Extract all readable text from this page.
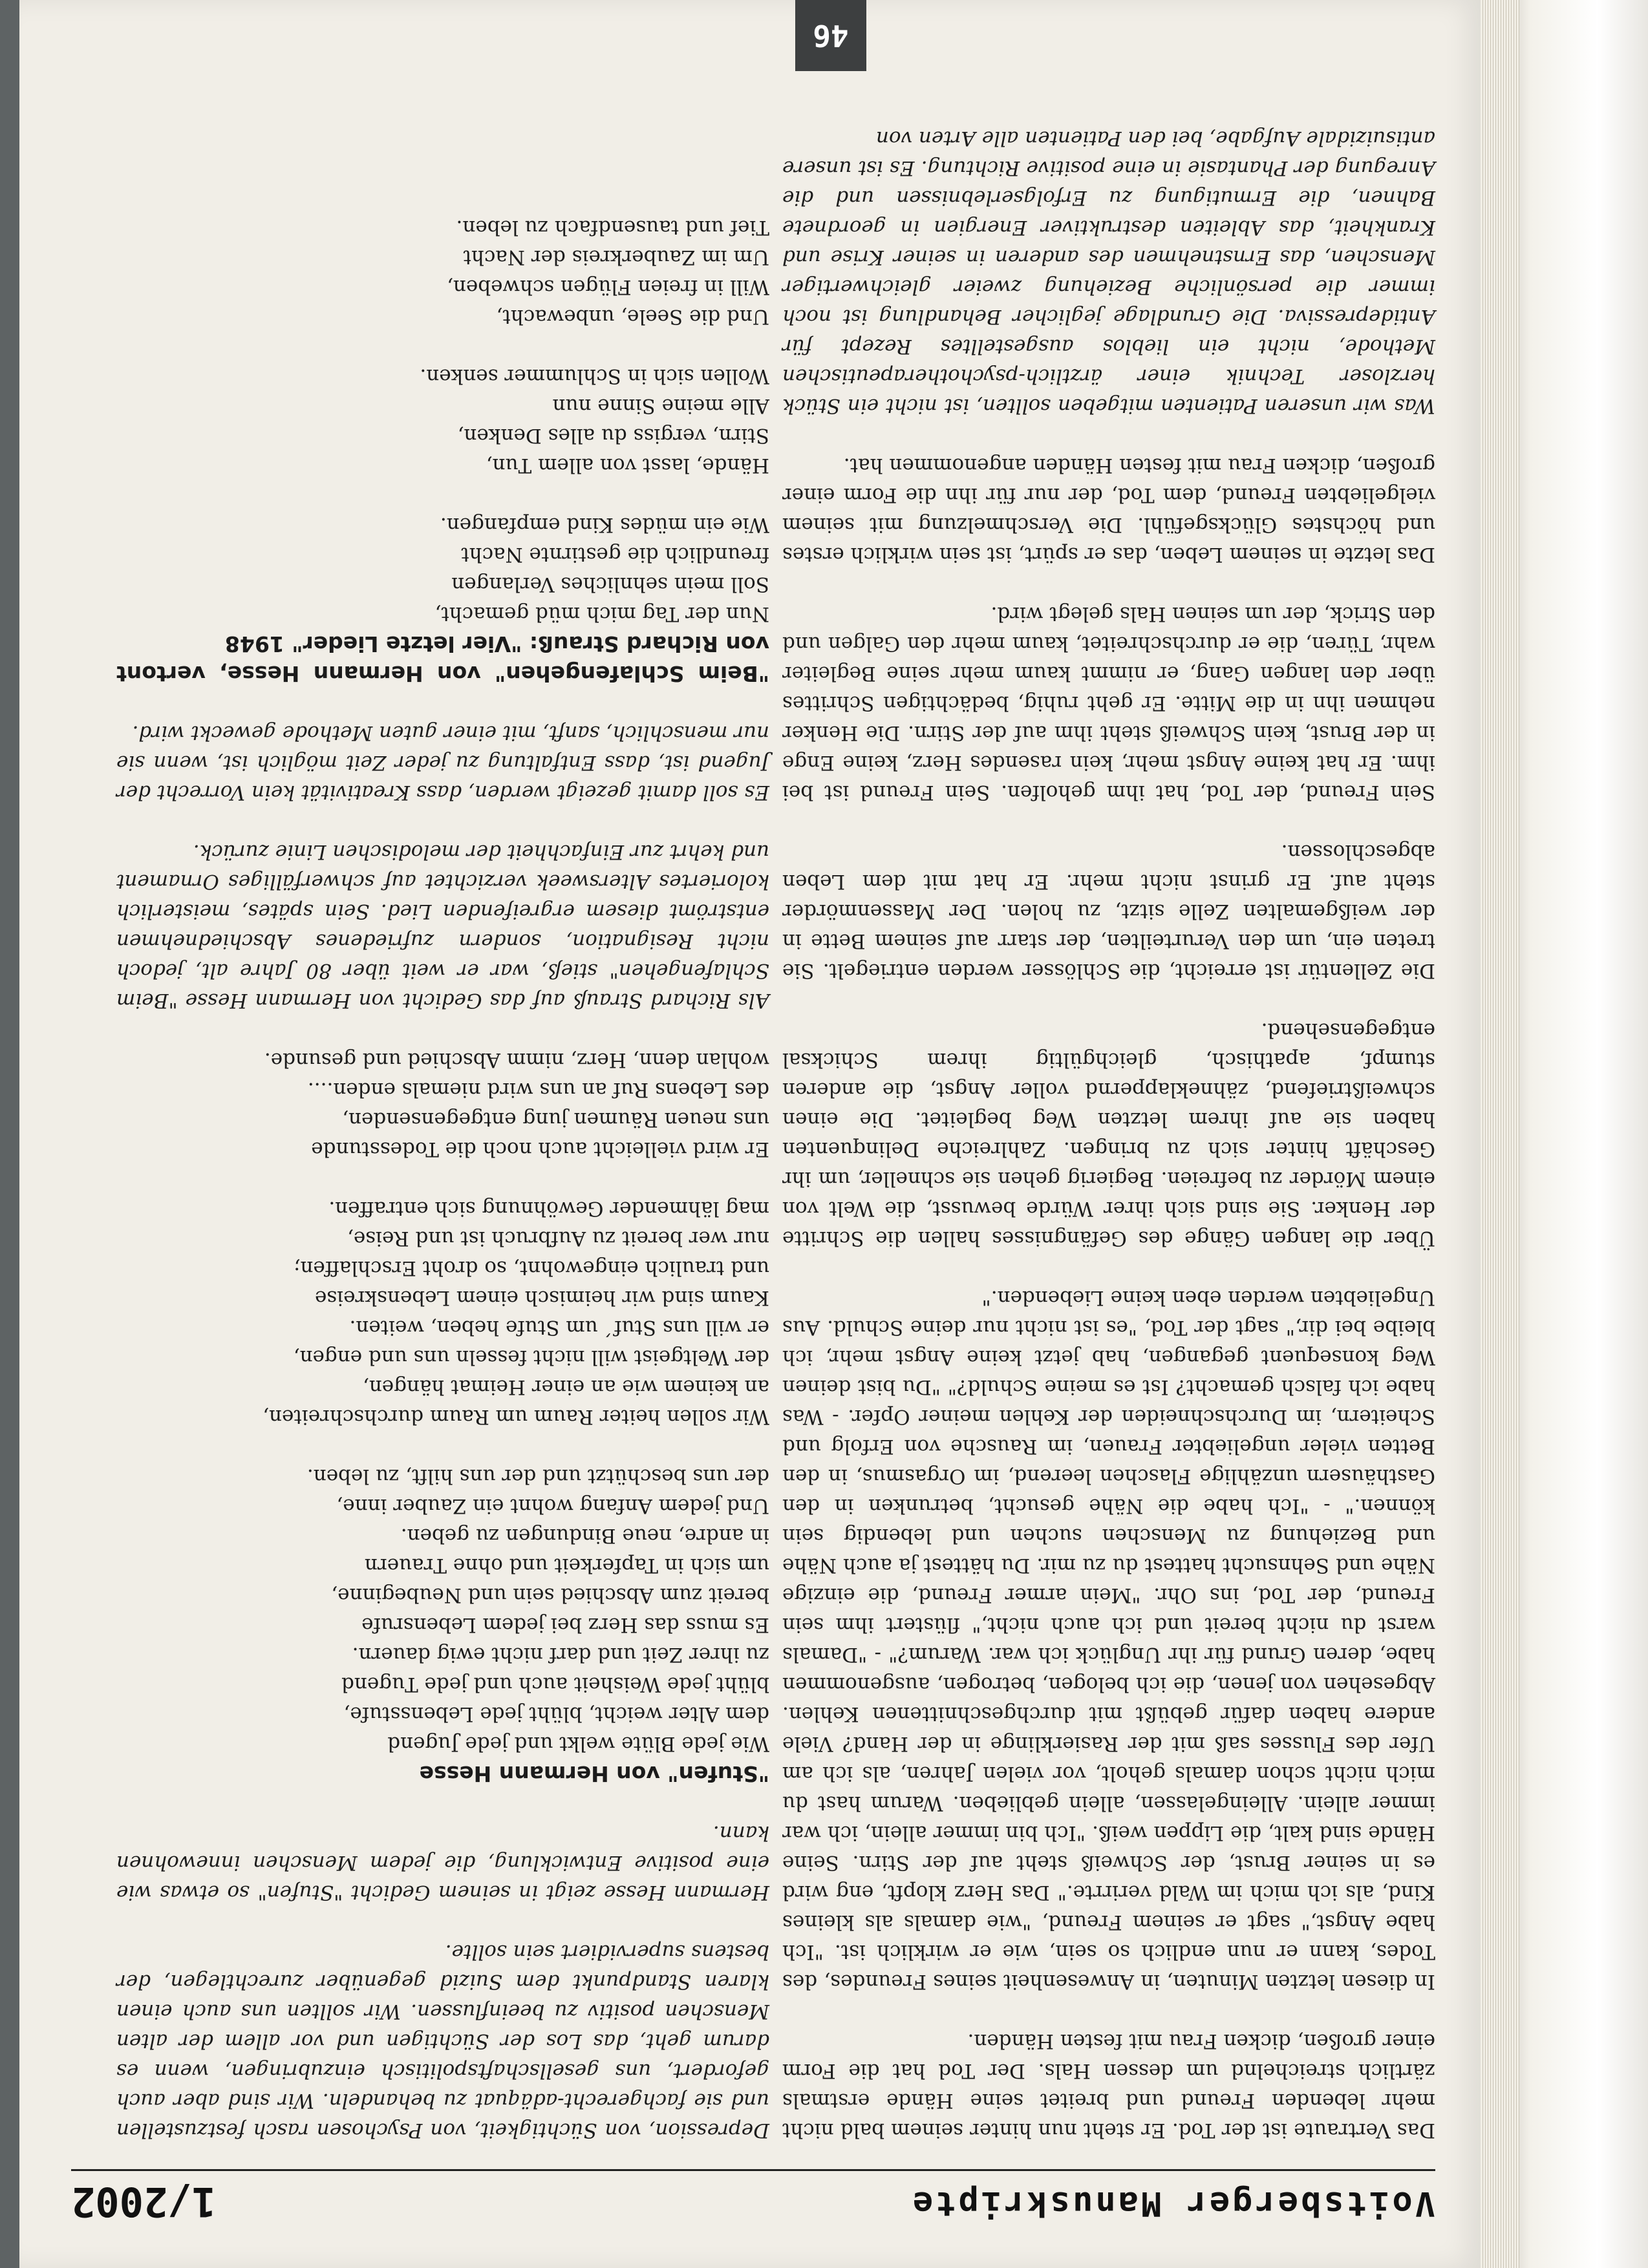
Voitsberger Manuskripte
1/2002

Das Vertraute ist der Tod. Er steht nun hinter seinem bald nicht mehr lebenden Freund und breitet seine Hände erstmals zärtlich streichelnd um dessen Hals. Der Tod hat die Form einer großen, dicken Frau mit festen Händen.

In diesen letzten Minuten, in Anwesenheit seines Freundes, des Todes, kann er nun endlich so sein, wie er wirklich ist. "Ich habe Angst," sagt er seinem Freund, "wie damals als kleines Kind, als ich mich im Wald verirrte." Das Herz klopft, eng wird es in seiner Brust, der Schweiß steht auf der Stirn. Seine Hände sind kalt, die Lippen weiß. "Ich bin immer allein, ich war immer allein. Alleingelassen, allein geblieben. Warum hast du mich nicht schon damals geholt, vor vielen Jahren, als ich am Ufer des Flusses saß mit der Rasierklinge in der Hand? Viele andere haben dafür gebüßt mit durchgeschnittenen Kehlen. Abgesehen von jenen, die ich belogen, betrogen, ausgenommen habe, deren Grund für ihr Unglück ich war. Warum?" - "Damals warst du nicht bereit und ich auch nicht," flüstert ihm sein Freund, der Tod, ins Ohr. "Mein armer Freund, die einzige Nähe und Sehnsucht hattest du zu mir. Du hättest ja auch Nähe und Beziehung zu Menschen suchen und lebendig sein können." - "Ich habe die Nähe gesucht, betrunken in den Gasthäusern unzählige Flaschen leerend, im Orgasmus, in den Betten vieler ungeliebter Frauen, im Rausche von Erfolg und Scheitern, im Durchschneiden der Kehlen meiner Opfer. - Was habe ich falsch gemacht? Ist es meine Schuld?" "Du bist deinen Weg konsequent gegangen, hab jetzt keine Angst mehr, ich bleibe bei dir," sagt der Tod, "es ist nicht nur deine Schuld. Aus Ungeliebten werden eben keine Liebenden."

Über die langen Gänge des Gefängnisses hallen die Schritte der Henker. Sie sind sich ihrer Würde bewusst, die Welt von einem Mörder zu befreien. Begierig gehen sie schneller, um ihr Geschäft hinter sich zu bringen. Zahlreiche Delinquenten haben sie auf ihrem letzten Weg begleitet. Die einen schweißtriefend, zähneklappernd voller Angst, die anderen stumpf, apathisch, gleichgültig ihrem Schicksal entgegensehend.

Die Zellentür ist erreicht, die Schlösser werden entriegelt. Sie treten ein, um den Verurteilten, der starr auf seinem Bette in der weißgemalten Zelle sitzt, zu holen. Der Massenmörder steht auf. Er grinst nicht mehr. Er hat mit dem Leben abgeschlossen.

Sein Freund, der Tod, hat ihm geholfen. Sein Freund ist bei ihm. Er hat keine Angst mehr, kein rasendes Herz, keine Enge in der Brust, kein Schweiß steht ihm auf der Stirn. Die Henker nehmen ihn in die Mitte. Er geht ruhig, bedächtigen Schrittes über den langen Gang, er nimmt kaum mehr seine Begleiter wahr, Türen, die er durchschreitet, kaum mehr den Galgen und den Strick, der um seinen Hals gelegt wird.

Das letzte in seinem Leben, das er spürt, ist sein wirklich erstes und höchstes Glücksgefühl. Die Verschmelzung mit seinem vielgeliebten Freund, dem Tod, der nur für ihn die Form einer großen, dicken Frau mit festen Händen angenommen hat.

Was wir unseren Patienten mitgeben sollten, ist nicht ein Stück herzloser Technik einer ärztlich-psychotherapeutischen Methode, nicht ein lieblos ausgestelltes Rezept für Antidepressiva. Die Grundlage jeglicher Behandlung ist noch immer die persönliche Beziehung zweier gleichwertiger Menschen, das Ernstnehmen des anderen in seiner Krise und Krankheit, das Ableiten destruktiver Energien in geordnete Bahnen, die Ermutigung zu Erfolgserlebnissen und die Anregung der Phantasie in eine positive Richtung. Es ist unsere antisuizidale Aufgabe, bei den Patienten alle Arten von

Depression, von Süchtigkeit, von Psychosen rasch festzustellen und sie fachgerecht-adäquat zu behandeln. Wir sind aber auch gefordert, uns gesellschaftspolitisch einzubringen, wenn es darum geht, das Los der Süchtigen und vor allem der alten Menschen positiv zu beeinflussen. Wir sollten uns auch einen klaren Standpunkt dem Suizid gegenüber zurechtlegen, der bestens supervidiert sein sollte.

Hermann Hesse zeigt in seinem Gedicht "Stufen" so etwas wie eine positive Entwicklung, die jedem Menschen innewohnen kann.

"Stufen" von Hermann Hesse
Wie jede Blüte welkt und jede Jugend
dem Alter weicht, blüht jede Lebensstufe,
blüht jede Weisheit auch und jede Tugend
zu ihrer Zeit und darf nicht ewig dauern.
Es muss das Herz bei jedem Lebensrufe
bereit zum Abschied sein und Neubeginne,
um sich in Tapferkeit und ohne Trauern
in andre, neue Bindungen zu geben.
Und jedem Anfang wohnt ein Zauber inne,
der uns beschützt und der uns hilft, zu leben.
Wir sollen heiter Raum um Raum durchschreiten,
an keinem wie an einer Heimat hängen,
der Weltgeist will nicht fesseln uns und engen,
er will uns Stuf´ um Stufe heben, weiten.
Kaum sind wir heimisch einem Lebenskreise
und traulich eingewohnt, so droht Erschlaffen;
nur wer bereit zu Aufbruch ist und Reise,
mag lähmender Gewöhnung sich entraffen.
Er wird vielleicht auch noch die Todesstunde
uns neuen Räumen jung entgegensenden,
des Lebens Ruf an uns wird niemals enden....
wohlan denn, Herz, nimm Abschied und gesunde.

Als Richard Strauß auf das Gedicht von Hermann Hesse "Beim Schlafengehen" stieß, war er weit über 80 Jahre alt, jedoch nicht Resignation, sondern zufriedenes Abschiednehmen entströmt diesem ergreifenden Lied. Sein spätes, meisterlich koloriertes Altersweek verzichtet auf schwerfälliges Ornament und kehrt zur Einfachheit der melodischen Linie zurück.

Es soll damit gezeigt werden, dass Kreativität kein Vorrecht der Jugend ist, dass Entfaltung zu jeder Zeit möglich ist, wenn sie nur menschlich, sanft, mit einer guten Methode geweckt wird.

"Beim Schlafengehen" von Hermann Hesse, vertont von Richard Strauß: "Vier letzte Lieder" 1948
Nun der Tag mich müd gemacht,
Soll mein sehnliches Verlangen
freundlich die gestirnte Nacht
Wie ein müdes Kind empfangen.
Hände, lasst von allem Tun,
Stirn, vergiss du alles Denken,
Alle meine Sinne nun
Wollen sich in Schlummer senken.
Und die Seele, unbewacht,
Will in freien Flügen schweben,
Um im Zauberkreis der Nacht
Tief und tausendfach zu leben.
46
